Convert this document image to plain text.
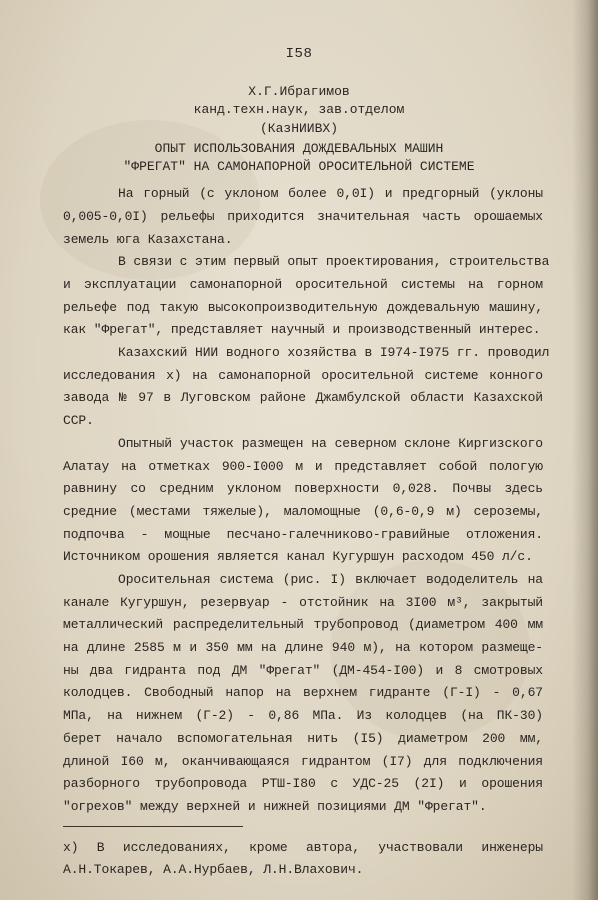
I58
Х.Г.Ибрагимов
канд.техн.наук, зав.отделом
(КазНИИВХ)
ОПЫТ ИСПОЛЬЗОВАНИЯ ДОЖДЕВАЛЬНЫХ МАШИН
"ФРЕГАТ" НА САМОНАПОРНОЙ ОРОСИТЕЛЬНОЙ СИСТЕМЕ
На горный (с уклоном более 0,0I) и предгорный (уклоны
0,005-0,0I) рельефы приходится значительная часть орошаемых
земель юга Казахстана.
В связи с этим первый опыт проектирования, строительства
и эксплуатации самонапорной оросительной системы на горном
рельефе под такую высокопроизводительную дождевальную машину,
как "Фрегат", представляет научный и производственный интерес.
Казахский НИИ водного хозяйства в I974-I975 гг. проводил
исследования х) на самонапорной оросительной системе конного
завода № 97 в Луговском районе Джамбулской области Казахской
ССР.
Опытный участок размещен на северном склоне Киргизского
Алатау на отметках 900-I000 м и представляет собой пологую
равнину со средним уклоном поверхности 0,028. Почвы здесь
средние (местами тяжелые), маломощные (0,6-0,9 м) сероземы,
подпочва - мощные песчано-галечниково-гравийные отложения.
Источником орошения является канал Кугуршун расходом 450 л/с.
Оросительная система (рис. I) включает вододелитель на
канале Кугуршун, резервуар - отстойник на 3I00 м³, закрытый
металлический распределительный трубопровод (диаметром 400 мм
на длине 2585 м и 350 мм на длине 940 м), на котором размеще-
ны два гидранта под ДМ "Фрегат" (ДМ-454-I00) и 8 смотровых
колодцев. Свободный напор на верхнем гидранте (Г-I) - 0,67
МПа, на нижнем (Г-2) - 0,86 МПа. Из колодцев (на ПК-30)
берет начало вспомогательная нить (I5) диаметром 200 мм,
длиной I60 м, оканчивающаяся гидрантом (I7) для подключения
разборного трубопровода РТШ-I80 с УДС-25 (2I) и орошения
"огрехов" между верхней и нижней позициями ДМ "Фрегат".
х) В исследованиях, кроме автора, участвовали инженеры
А.Н.Токарев, А.А.Нурбаев, Л.Н.Влахович.
